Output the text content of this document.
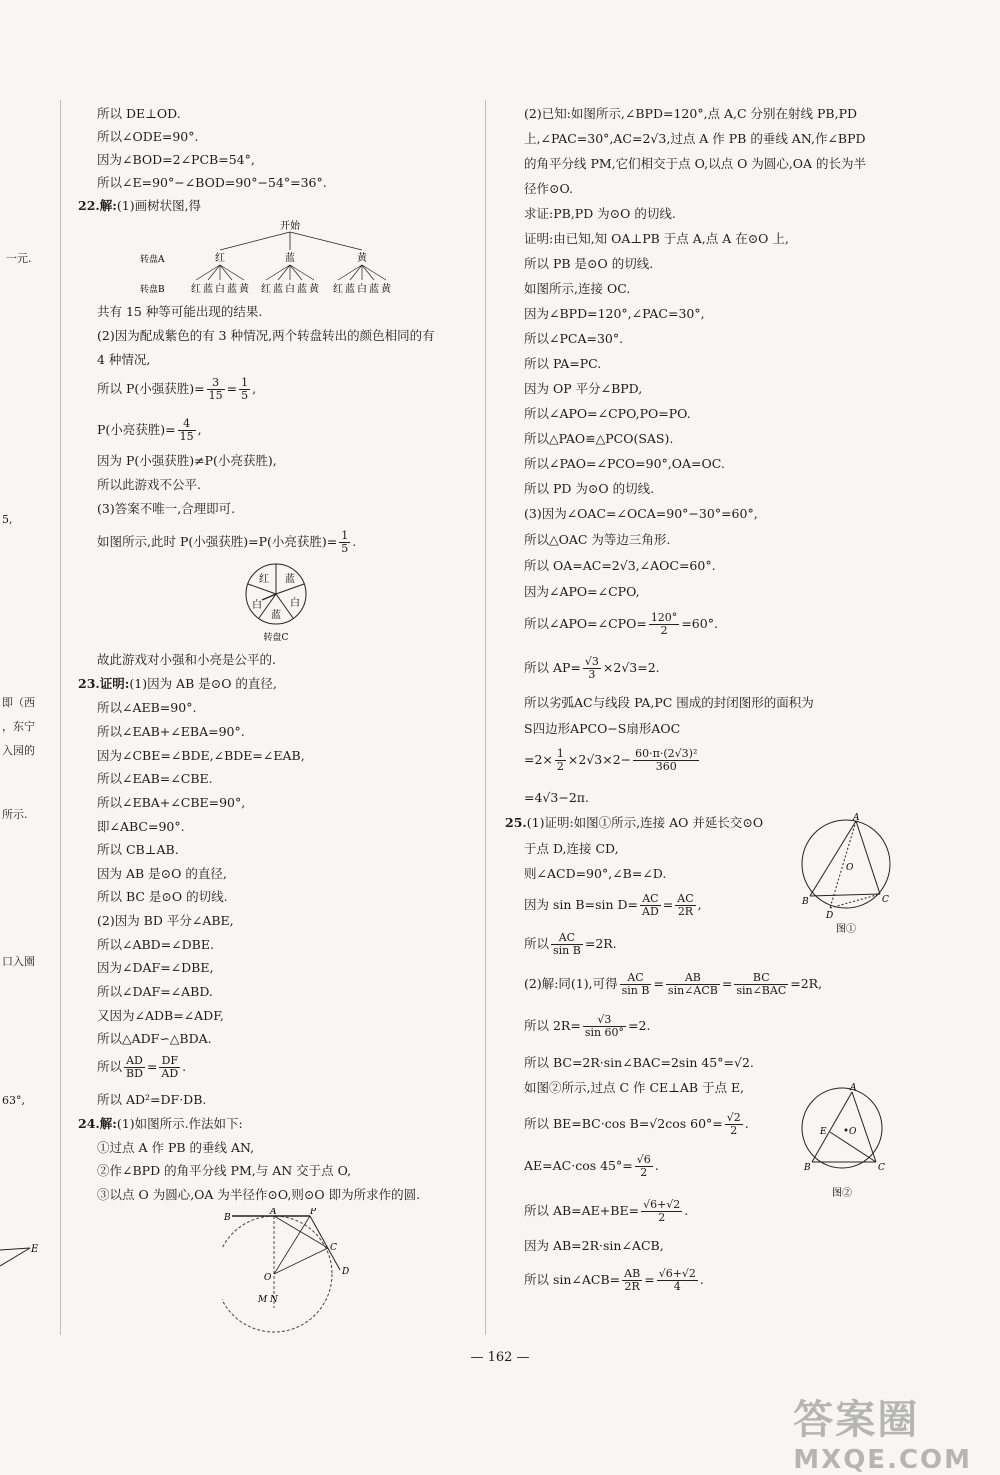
一元.
5,
即（西
，东宁
入园的
所示.
口入園
63°,
E
所以 DE⊥OD.
所以∠ODE=90°.
因为∠BOD=2∠PCB=54°,
所以∠E=90°−∠BOD=90°−54°=36°.
22.解:(1)画树状图,得
开始
转盘A	红	蓝	黄
转盘B	红 蓝 白 蓝 黄 红 蓝 白 蓝 黄 红 蓝 白 蓝 黄
共有 15 种等可能出现的结果.
(2)因为配成紫色的有 3 种情况,两个转盘转出的颜色相同的有
4 种情况,
所以 P(小强获胜)= $\frac{3}{15} = \frac{1}{5}$ ,
P(小亮获胜)= $\frac{4}{15}$ ,
因为 P(小强获胜)≠P(小亮获胜),
所以此游戏不公平.
(3)答案不唯一,合理即可.
如图所示,此时 P(小强获胜)=P(小亮获胜)= $\frac{1}{5}$ .
红 蓝
白
白
蓝
转盘C
故此游戏对小强和小亮是公平的.
23.证明:(1)因为 AB 是⊙O 的直径,
所以∠AEB=90°.
所以∠EAB+∠EBA=90°.
因为∠CBE=∠BDE,∠BDE=∠EAB,
所以∠EAB=∠CBE.
所以∠EBA+∠CBE=90°,
即∠ABC=90°.
所以 CB⊥AB.
因为 AB 是⊙O 的直径,
所以 BC 是⊙O 的切线.
(2)因为 BD 平分∠ABE,
所以∠ABD=∠DBE.
因为∠DAF=∠DBE,
所以∠DAF=∠ABD.
又因为∠ADB=∠ADF,
所以△ADF∽△BDA.
所以 $\frac{AD}{BD} = \frac{DF}{AD}$ .
所以 AD²=DF·DB.
24.解:(1)如图所示.作法如下:
①过点 A 作 PB 的垂线 AN,
②作∠BPD 的角平分线 PM,与 AN 交于点 O,
③以点 O 为圆心,OA 为半径作⊙O,则⊙O 即为所求作的圆.
B
A	P
C
D
O
M N
(2)已知:如图所示,∠BPD=120°,点 A,C 分别在射线 PB,PD
上,∠PAC=30°,AC=2√3,过点 A 作 PB 的垂线 AN,作∠BPD
的角平分线 PM,它们相交于点 O,以点 O 为圆心,OA 的长为半
径作⊙O.
求证:PB,PD 为⊙O 的切线.
证明:由已知,知 OA⊥PB 于点 A,点 A 在⊙O 上,
所以 PB 是⊙O 的切线.
如图所示,连接 OC.
因为∠BPD=120°,∠PAC=30°,
所以∠PCA=30°.
所以 PA=PC.
因为 OP 平分∠BPD,
所以∠APO=∠CPO,PO=PO.
所以△PAO≌△PCO(SAS).
所以∠PAO=∠PCO=90°,OA=OC.
所以 PD 为⊙O 的切线.
(3)因为∠OAC=∠OCA=90°−30°=60°,
所以△OAC 为等边三角形.
所以 OA=AC=2√3,∠AOC=60°.
因为∠APO=∠CPO,
所以∠APO=∠CPO= $\frac{120^\circ}{2} =60^\circ$.
所以 $AP= \frac{√3}{3} \times 2√3=2$.
所以劣弧AC与线段 PA,PC 围成的封闭图形的面积为
S四边形APCO−S扇形AOC
$=2\times \frac{1}{2} \times 2√3\times 2- \frac{\text{60·π·(2√3)²}}{360}$
=4√3−2π.
25.(1)证明:如图①所示,连接 AO 并延长交⊙O
于点 D,连接 CD,
则∠ACD=90°,∠B=∠D.
因为 sin B=sin $D= \frac{AC}{AD} = \frac{AC}{2R}$ ,
所以 $\frac{AC}{\text{sin B}} =2R$.
(2)解:同(1),可得 $\frac{AC}{\text{sin B}} = \frac{AB}{\text{sin∠ACB}} = \frac{BC}{\text{sin∠BAC}} =2R$,
所以 $2R= \frac{√3}{\sin 60^\circ} =2$.
所以 BC=2R·sin∠BAC=2sin 45°=√2.
如图②所示,过点 C 作 CE⊥AB 于点 E,
所以 BE=BC·cos B=√2cos $60^\circ= \frac{√2}{2}$ .
AE=AC·cos $45^\circ= \frac{√6}{2}$ .
所以 $AB=AE+BE= \frac{√6+√2}{2}$ .
因为 AB=2R·sin∠ACB,
所以 sin∠ACB= $\frac{AB}{2R} = \frac{√6+√2}{4}$ .
A
B	C
D
O
图①
A
B	C
E O
图②
— 162 —
答案圈
MXQE.COM
